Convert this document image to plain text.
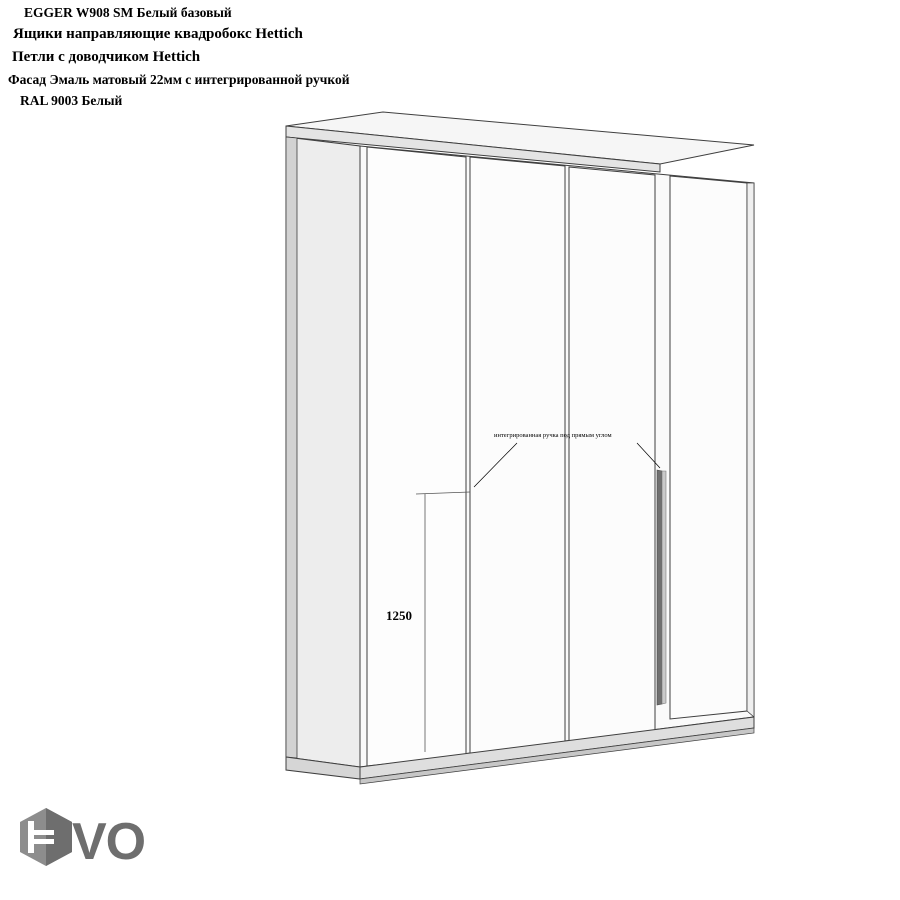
EGGER W908 SM Белый базовый
Ящики направляющие квадробокс Hettich
Петли с доводчиком Hettich
Фасад Эмаль матовый 22мм с интегрированной ручкой
RAL 9003 Белый
1250
интегрированная ручка под прямым углом
VO
